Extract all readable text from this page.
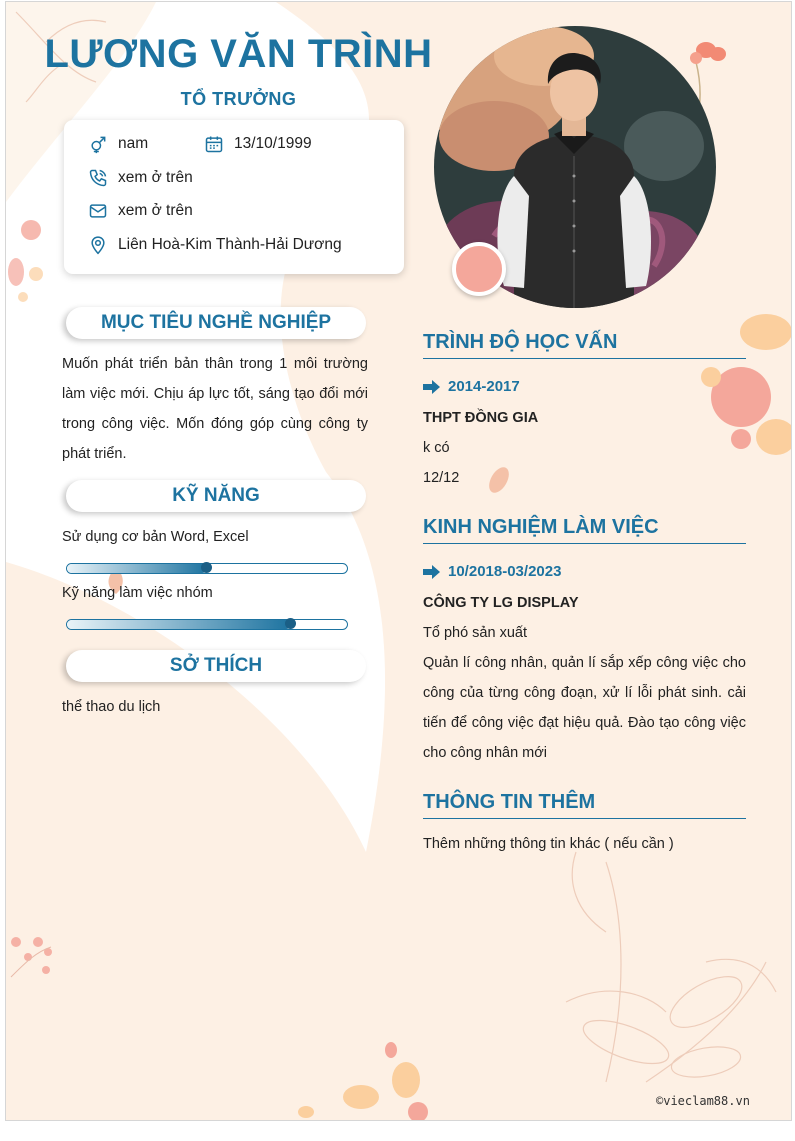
LƯƠNG VĂN TRÌNH
TỔ TRƯỞNG
nam	13/10/1999
xem ở trên
xem ở trên
Liên Hoà-Kim Thành-Hải Dương
MỤC TIÊU NGHỀ NGHIỆP
Muốn phát triển bản thân trong 1 môi trường làm việc mới. Chịu áp lực tốt, sáng tạo đổi mới trong công việc. Mốn đóng góp cùng công ty phát triển.
KỸ NĂNG
Sử dụng cơ bản Word, Excel
Kỹ năng làm việc nhóm
SỞ THÍCH
thể thao du lịch
TRÌNH ĐỘ HỌC VẤN
2014-2017
THPT ĐỒNG GIA
k có
12/12
KINH NGHIỆM LÀM VIỆC
10/2018-03/2023
CÔNG TY LG DISPLAY
Tổ phó sản xuất
Quản lí công nhân, quản lí sắp xếp công việc cho công của từng công đoạn, xử lí lỗi phát sinh. cải tiến để công việc đạt hiệu quả. Đào tạo công việc cho công nhân mới
THÔNG TIN THÊM
Thêm những thông tin khác ( nếu cần )
©vieclam88.vn
